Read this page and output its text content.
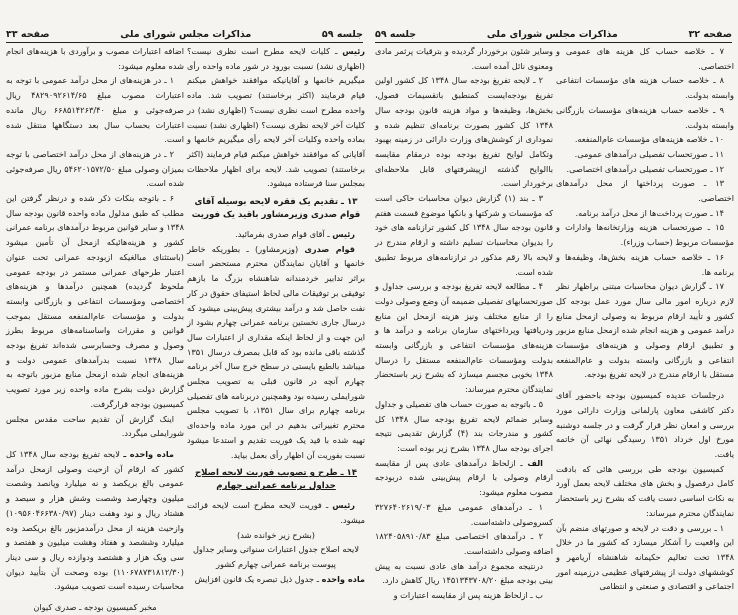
جلسه ۵۹
مذاکرات مجلس شورای ملی
صفحه ۳۳

اضافه اعتبارات مصوب و برآوردی با هزینه‌های انجام شده معلوم میشود:

۱ ـ در هزینه‌های از محل درآمد عمومی با توجه به اعتبارات مصوب مبلغ ۴۸۲۹۰۹۲۶۱۴/۶۵ ریال صرفه‌جوئی و مبلغ ۶۶۸۵۱۴۲۶۳/۴۰ ریال مانده اعتبارات بحساب سال بعد دستگاهها منتقل شده است.

۲ ـ در هزینه‌های از محل درآمد اختصاصی با توجه بمیزان وصولی مبلغ ۵۴۶۲۰۱۵۷۲/۵۰ ریال صرفه‌جوئی شده است.

۶ ـ باتوجه بنکات ذکر شده و درنظر گرفتن این مطلب که طبق مدلول ماده واحده قانون بودجه سال ۱۳۴۸ و سایر قوانین مربوط درآمدهای برنامه عمرانی کشور و هزینه‌هائیکه ازمحل آن تأمین میشود (باستثنای مبالغیکه ازبودجه عمرانی تحت عنوان اعتبار طرحهای عمرانی مستمر در بودجه عمومی ملحوظ گردیده) همچنین درآمدها و هزینه‌های اختصاصی ومؤسسات انتفاعی و بازرگانی وابسته بدولت و مؤسسات عام‌المنفعه مستقل بموجب قوانین و مقررات واساسنامه‌های مربوط بطرز وصول و مصرف وحسابرسی شده‌اند تفریغ بودجه سال ۱۳۴۸ نسبت بدرآمدهای عمومی دولت و هزینه‌های انجام شده ازمحل منابع مزبور باتوجه به گزارش دولت بشرح ماده واحده زیر مورد تصویب کمیسیون بودجه قرارگرفت.

اینک گزارش آن تقدیم ساحت مقدس مجلس شورایملی میگردد.

ماده واحده ـ لایحه تفریغ بودجه سال ۱۳۴۸ کل کشور که ارقام آن ازحیث وصولی ازمحل درآمد عمومی بالغ بریکصد و نه میلیارد وپانصد وشصت میلیون وچهارصد وشصت وشش هزار و سیصد و هشتاد ریال و نود وهفت دینار (۱۰۹۵۶۰۴۶۶۳۸۰/۹۷) وازحیث هزینه از محل درآمدمزبور بالغ بریکصد وده میلیارد وششصد و هفتاد وهشت میلیون و هفتصد و سی ویک هزار و هشتصد ودوازده ریال و سی دینار (۱۱۰۶۷۸۷۳۱۸۱۲/۳۰) بوده وصحت آن بتأیید دیوان محاسبات رسیده است تصویب میشود.

مخبر کمیسیون بودجه ـ صدری کیوان

رئیس ـ کلیات لایحه مطرح است نظری نیست؟ (اظهاری نشد) نسبت بورود در شور ماده واحده رأی میگیریم خانمها و آقایانیکه موافقند خواهش میکنم قیام فرمایند (اکثر برخاستند) تصویب شد. ماده واحده مطرح است نظری نیست؟ (اظهاری نشد) در کلیات آخر لایحه نظری نیست؟ (اظهاری نشد) نسبت بماده واحده وکلیات آخر لایحه رأی میگیریم خانمها و آقایانی که موافقند خواهش میکنم قیام فرمایند (اکثر برخاستند) تصویب شد. لایحه برای اظهار ملاحظات بمجلس سنا فرستاده میشود.

۱۳ ـ تقدیم یک فقره لایحه بوسیله آقای قوام صدری وزیرمشاور باقید یک فوریت

رئیس ـ آقای قوام صدری بفرمائید.

قوام صدری (وزیرمشاور) ـ بطوریکه خاطر خانمها و آقایان نمایندگان محترم مستحضر است براثر تدابیر خردمندانه شاهنشاه بزرگ ما بازهم توفیقی بر توفیقات مالی لحاظ استیفای حقوق در کار نفت حاصل شد و درآمد بیشتری پیش‌بینی میشود که درسال جاری نخستین برنامه عمرانی چهارم بشود از این جهت و از لحاظ اینکه مقداری از اعتبارات سال گذشته باقی مانده بود که قابل بمصرف درسال ۱۳۵۱ میباشد بالطبع بایستی در سطح خرج سال آخر برنامه چهارم آنچه در قانون قبلی به تصویب مجلس شورایملی رسیده بود وهمچنین دربرنامه های تفصیلی برنامه چهارم برای سال ۱۳۵۱، با تصویب مجلس محترم تغییراتی بدهیم در این مورد ماده واحده‌ای تهیه شده با قید یک فوریت تقدیم و استدعا میشود نسبت بفوریت آن اظهار رأی بعمل بیاید.

۱۴ ـ طرح و تصویب فوریت لایحه اصلاح جداول برنامه عمرانی چهارم

رئیس ـ فوریت لایحه مطرح است لایحه قرائت میشود.

(بشرح زیر خوانده شد)

لایحه اصلاح جدول اعتبارات سنواتی وسایر جداول پیوست برنامه عمرانی چهارم کشور

ماده واحده ـ جدول ذیل تبصره یک قانون افزایش

صفحه ۳۲
مذاکرات مجلس شورای ملی
جلسه ۵۹

۷ ـ خلاصه حساب کل هزینه های عمومی و اختصاصی.

۸ ـ خلاصه حساب هزینه های مؤسسات انتفاعی وابسته بدولت.

۹ ـ خلاصه حساب هزینه‌های مؤسسات بازرگانی وابسته بدولت.

۱۰ ـ خلاصه هزینه‌های مؤسسات عام‌المنفعه.

۱۱ ـ صورتحساب تفصیلی درآمدهای عمومی.

۱۲ ـ صورتحساب تفصیلی درآمدهای اختصاصی.

۱۳ ـ صورت پرداختها از محل درآمدهای اختصاصی.

۱۴ ـ صورت پرداخت‌ها از محل درآمد برنامه.

۱۵ ـ صورتحساب هزینه وزارتخانه‌ها وادارات و مؤسسات مربوط (حساب وزراء).

۱۶ ـ خلاصه حساب هزینه بخش‌ها، وظیفه‌ها و برنامه ها.

۱۷ ـ گزارش دیوان محاسبات مبتنی براظهار نظر لازم درباره امور مالی سال مورد عمل بودجه کل کشور و تأیید ارقام مربوط به وصولی ازمحل منابع درآمد عمومی و هزینه انجام شده ازمحل منابع مزبور و تطبیق ارقام وصولی و هزینه‌های مؤسسات انتفاعی و بازرگانی وابسته بدولت و عام‌المنفعه مستقل با ارقام مندرج در لایحه تفریغ بودجه.

درجلسات عدیده کمیسیون بودجه باحضور آقای دکتر کاشفی معاون پارلمانی وزارت دارائی مورد بررسی و امعان نظر قرار گرفت و در جلسه دوشنبه مورخ اول خرداد ۱۳۵۱ رسیدگی نهائی آن خاتمه یافت.

کمیسیون بودجه طی بررسی هائی که بادقت کامل درفصول و بخش های مختلف لایحه بعمل آورد به نکات اساسی دست یافت که بشرح زیر باستحضار نمایندگان محترم میرساند:

۱ ـ بررسی و دقت در لایحه و صورتهای منضم بآن این واقعیت را آشکار میسازد که کشور ما در خلال ۱۳۴۸ تحت تعالیم حکیمانه شاهنشاه آریامهر و کوششهای دولت از پیشرفتهای عظیمی درزمینه امور اجتماعی و اقتصادی و صنعتی و انتظامی

وسایر شئون برخوردار گردیده و بترقیات پرثمر مادی ومعنوی نائل آمده است.

۲ ـ لایحه تفریغ بودجه سال ۱۳۴۸ کل کشور اولین تفریغ بودجه‌ایست کمنطبق باتقسیمات فصول، بخش‌ها، وظیفه‌ها و مواد هزینه قانون بودجه سال ۱۳۴۸ کل کشور بصورت برنامه‌ای تنظیم شده و نموداری از کوشش‌های وزارت دارائی در زمینه بهبود وتکامل لوایح تفریغ بودجه بوده درمقام مقایسه باالوایح گذشته ازپیشرفتهای قابل ملاحظه‌ای برخوردار است.

۳ ـ بند (۱) گزارش دیوان محاسبات حاکی است که مؤسسات و شرکتها و بانکها موضوع قسمت هفتم قانون بودجه سال ۱۳۴۸ کل کشور ترازنامه های خود را بدیوان محاسبات تسلیم داشته و ارقام مندرج در لایحه بالا رقم مذکور در ترازنامه‌های مربوط تطبیق شده است.

۴ ـ مطالعه لایحه تفریغ بودجه و بررسی جداول و صورتحسابهای تفصیلی ضمیمه آن وضع وصولی دولت را از منابع مختلف ونیز هزینه ازمحل این منابع ودریافتها وپرداختهای سازمان برنامه و درآمد ها و هزینه‌های مؤسسات انتفاعی و بازرگانی وابسته بدولت ومؤسسات عام‌المنفعه مستقل را درسال ۱۳۴۸ بخوبی مجسم میسازد که بشرح زیر باستحضار نمایندگان محترم میرساند:

۵ ـ باتوجه به صورت حساب های تفصیلی و جداول وسایر ضمائم لایحه تفریغ بودجه سال ۱۳۴۸ کل کشور و مندرجات بند (۴) گزارش تقدیمی نتیجه اجرای بودجه سال ۱۳۴۸ بشرح زیر بوده است:

الف ـ ازلحاظ درآمدهای عادی پس از مقایسه ارقام وصولی با ارقام پیش‌بینی شده دربودجه مصوب معلوم میشود:

۱ ـ درآمدهای عمومی مبلغ ۳۲۷۶۴۰۲۶۱۹/۰۳ کسروصولی داشته‌است.

۲ ـ درآمدهای اختصاصی مبلغ ۱۸۲۴۰۵۸۹۱۰/۸۳ اضافه وصولی داشته‌است.

درنتیجه مجموع درآمد های عادی نسبت به پیش بینی بودجه مبلغ ۱۴۵۱۳۴۳۷۰۸/۲۰ ریال کاهش دارد.

ب ـ ازلحاظ هزینه پس از مقایسه اعتبارات و
